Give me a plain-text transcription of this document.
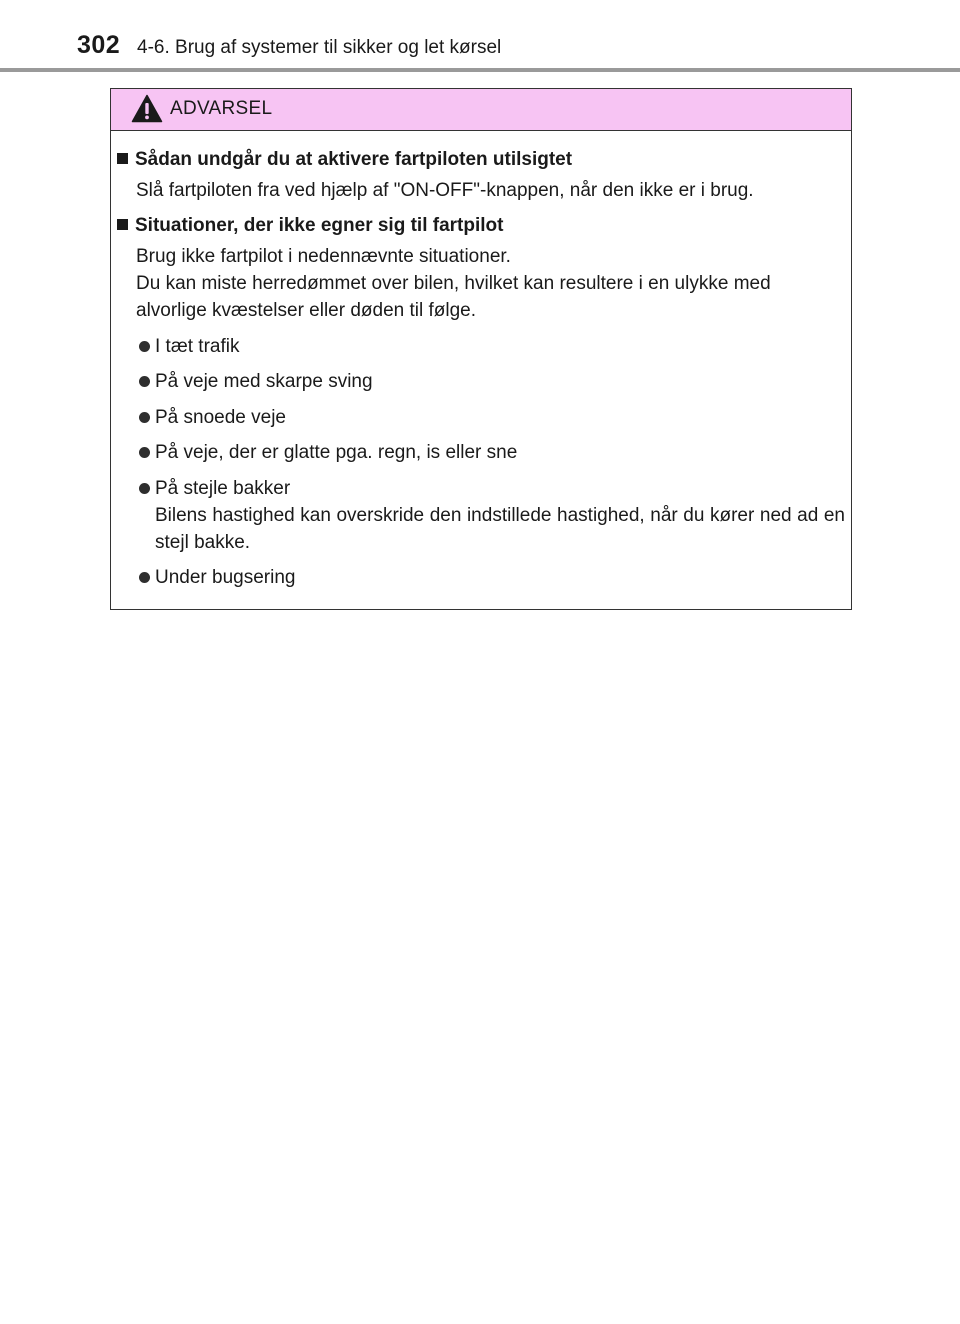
302 4-6. Brug af systemer til sikker og let kørsel
ADVARSEL
Sådan undgår du at aktivere fartpiloten utilsigtet
Slå fartpiloten fra ved hjælp af "ON-OFF"-knappen, når den ikke er i brug.
Situationer, der ikke egner sig til fartpilot
Brug ikke fartpilot i nedennævnte situationer.
Du kan miste herredømmet over bilen, hvilket kan resultere i en ulykke med
alvorlige kvæstelser eller døden til følge.
I tæt trafik
På veje med skarpe sving
På snoede veje
På veje, der er glatte pga. regn, is eller sne
På stejle bakker
Bilens hastighed kan overskride den indstillede hastighed, når du kører ned ad en stejl bakke.
Under bugsering
